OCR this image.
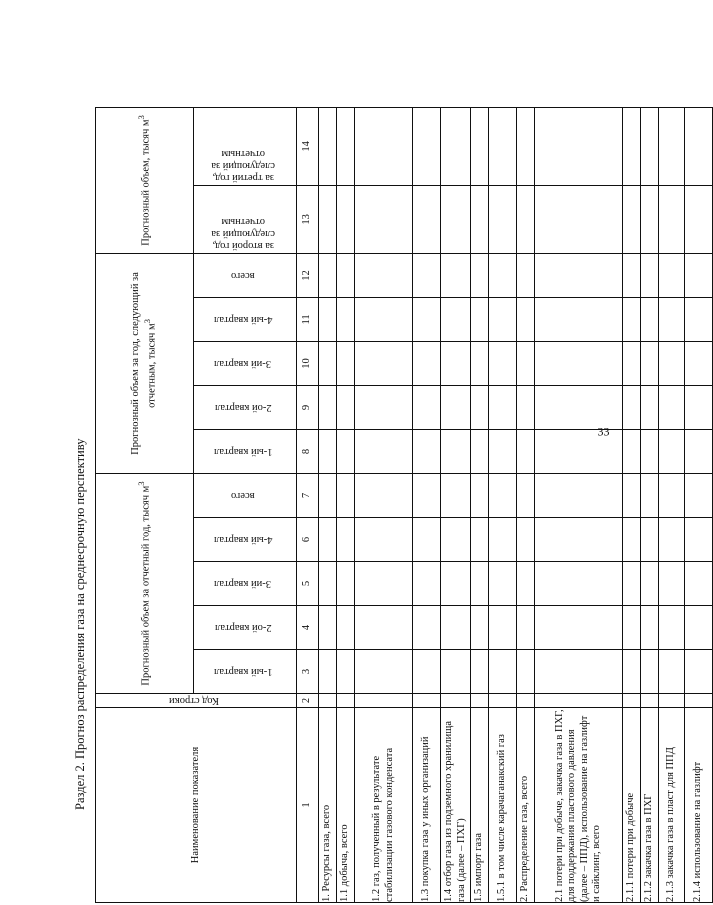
33
Раздел 2. Прогноз распределения газа на среднесрочную перспективу	Наименование показателя	Код строки	Прогнозный объем за отчетный год, тысяч $м^3$					Прогнозный объем за год, следующий за отчетным, тысяч $м^3$					Прогнозный объем, тысяч $м^3$
		1-ый квартал	2-ой квартал	3-ий квартал	4-ый квартал	всего	1-ый квартал	2-ой квартал	3-ий квартал	4-ый квартал	всего	за второй год, следующий за отчетным	за третий год, следующий за отчетным
1	2	3	4	5	6	7	8	9	10	11	12	13	14
1. Ресурсы газа, всего													
1.1 добыча, всего													
1.2 газ, полученный в результате стабилизации газового конденсата													
1.3 покупка газа у иных организаций													
1.4 отбор газа из подземного хранилища газа (далее – ПХГ)													
1.5 импорт газа													
1.5.1 в том числе карачаганакский газ													
2. Распределение газа, всего													
2.1 потери при добыче, закачка газа в ПХГ, для поддержания пластового давления (далее – ППД), использование на газлифт и сайклинг, всего													
2.1.1 потери при добыче													
2.1.2 закачка газа в ПХГ													
2.1.3 закачка газа в пласт для ППД													
2.1.4 использование на газлифт													
